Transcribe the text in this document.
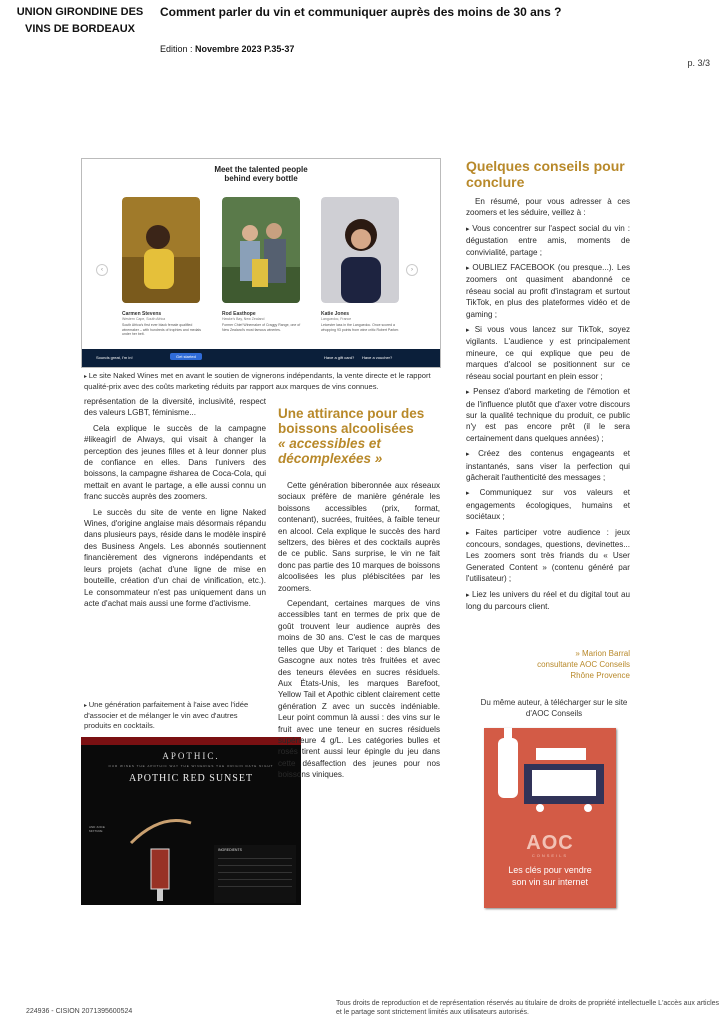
UNION GIRONDINE DES VINS DE BORDEAUX
Comment parler du vin et communiquer auprès des moins de 30 ans ?
Edition : Novembre 2023 P.35-37
p. 3/3
Meet the talented people
behind every bottle
‹	›
Carmen Stevens
Western Cape, South Africa
South Africa's first ever black female qualified winemaker – with hundreds of trophies and medals under her belt.
Rod Easthope
Hawke's Bay, New Zealand
Former Chief Winemaker of Craggy Range, one of New Zealand's most famous wineries.
Katie Jones
Languedoc, France
Leicester lass in the Languedoc. Once scored a whopping 93 points from wine critic Robert Parker.
Sounds great, I'm in!	Get started	Have a gift card? Have a voucher?
▸ Le site Naked Wines met en avant le soutien de vignerons indépendants, la vente directe et le rapport qualité-prix avec des coûts marketing réduits par rapport aux marques de vins connues.

représentation de la diversité, inclusivité, respect des valeurs LGBT, féminisme...

Cela explique le succès de la campagne #likeagirl de Always, qui visait à changer la perception des jeunes filles et à leur donner plus de confiance en elles. Dans l'univers des boissons, la campagne #sharea de Coca-Cola, qui mettait en avant le partage, a elle aussi connu un franc succès auprès des zoomers.

Le succès du site de vente en ligne Naked Wines, d'origine anglaise mais désormais répandu dans plusieurs pays, réside dans le modèle inspiré des Business Angels. Les abonnés soutiennent financièrement des vignerons indépendants et leurs projets (achat d'une ligne de mise en bouteille, création d'un chai de vinification, etc.). Le consommateur n'est pas uniquement dans un acte d'achat mais aussi une forme d'activisme.

▸ Une génération parfaitement à l'aise avec l'idée d'associer et de mélanger le vin avec d'autres produits en cocktails.
APOTHIC.
OUR WINES THE APOTHIC WAY THE WINERIES THE ORIGIN DATE NIGHT
APOTHIC RED SUNSET
AND JUICE MIXTURE
INGREDIENTS
Une attirance pour des boissons alcoolisées
« accessibles et décomplexées »

Cette génération biberonnée aux réseaux sociaux préfère de manière générale les boissons accessibles (prix, format, contenant), sucrées, fruitées, à faible teneur en alcool. Cela explique le succès des hard seltzers, des bières et des cocktails auprès de ce public. Sans surprise, le vin ne fait donc pas partie des 10 marques de boissons alcoolisées les plus plébiscitées par les zoomers.

Cependant, certaines marques de vins accessibles tant en termes de prix que de goût trouvent leur audience auprès des moins de 30 ans. C'est le cas de marques telles que Uby et Tariquet : des blancs de Gascogne aux notes très fruitées et avec des teneurs élevées en sucres résiduels. Aux États-Unis, les marques Barefoot, Yellow Tail et Apothic ciblent clairement cette génération Z avec un succès indéniable. Leur point commun là aussi : des vins sur le fruit avec une teneur en sucres résiduels supérieure 4 g/L. Les catégories bulles et rosés tirent aussi leur épingle du jeu dans cette désaffection des jeunes pour nos boissons viniques.

Quelques conseils pour conclure

En résumé, pour vous adresser à ces zoomers et les séduire, veillez à :

▸ Vous concentrer sur l'aspect social du vin : dégustation entre amis, moments de convivialité, partage ;

▸ OUBLIEZ FACEBOOK (ou presque...). Les zoomers ont quasiment abandonné ce réseau social au profit d'instagram et surtout TikTok, en plus des plateformes vidéo et de gaming ;

▸ Si vous vous lancez sur TikTok, soyez vigilants. L'audience y est principalement mineure, ce qui explique que peu de marques d'alcool se positionnent sur ce réseau social pourtant en plein essor ;

▸ Pensez d'abord marketing de l'émotion et de l'influence plutôt que d'axer votre discours sur la qualité technique du produit, ce public n'y est pas encore prêt (il le sera certainement dans quelques années) ;

▸ Créez des contenus engageants et instantanés, sans viser la perfection qui gâcherait l'authenticité des messages ;

▸ Communiquez sur vos valeurs et engagements écologiques, humains et sociétaux ;

▸ Faites participer votre audience : jeux concours, sondages, questions, devinettes... Les zoomers sont très friands du « User Generated Content » (contenu généré par l'utilisateur) ;

▸ Liez les univers du réel et du digital tout au long du parcours client.

» Marion Barral
consultante AOC Conseils
Rhône Provence
Du même auteur, à télécharger sur le site d'AOC Conseils
AOC
CONSEILS
Les clés pour vendre
son vin sur internet
224936 - CISION 2071395600524
Tous droits de reproduction et de représentation réservés au titulaire de droits de propriété intellectuelle L'accès aux articles et le partage sont strictement limités aux utilisateurs autorisés.
